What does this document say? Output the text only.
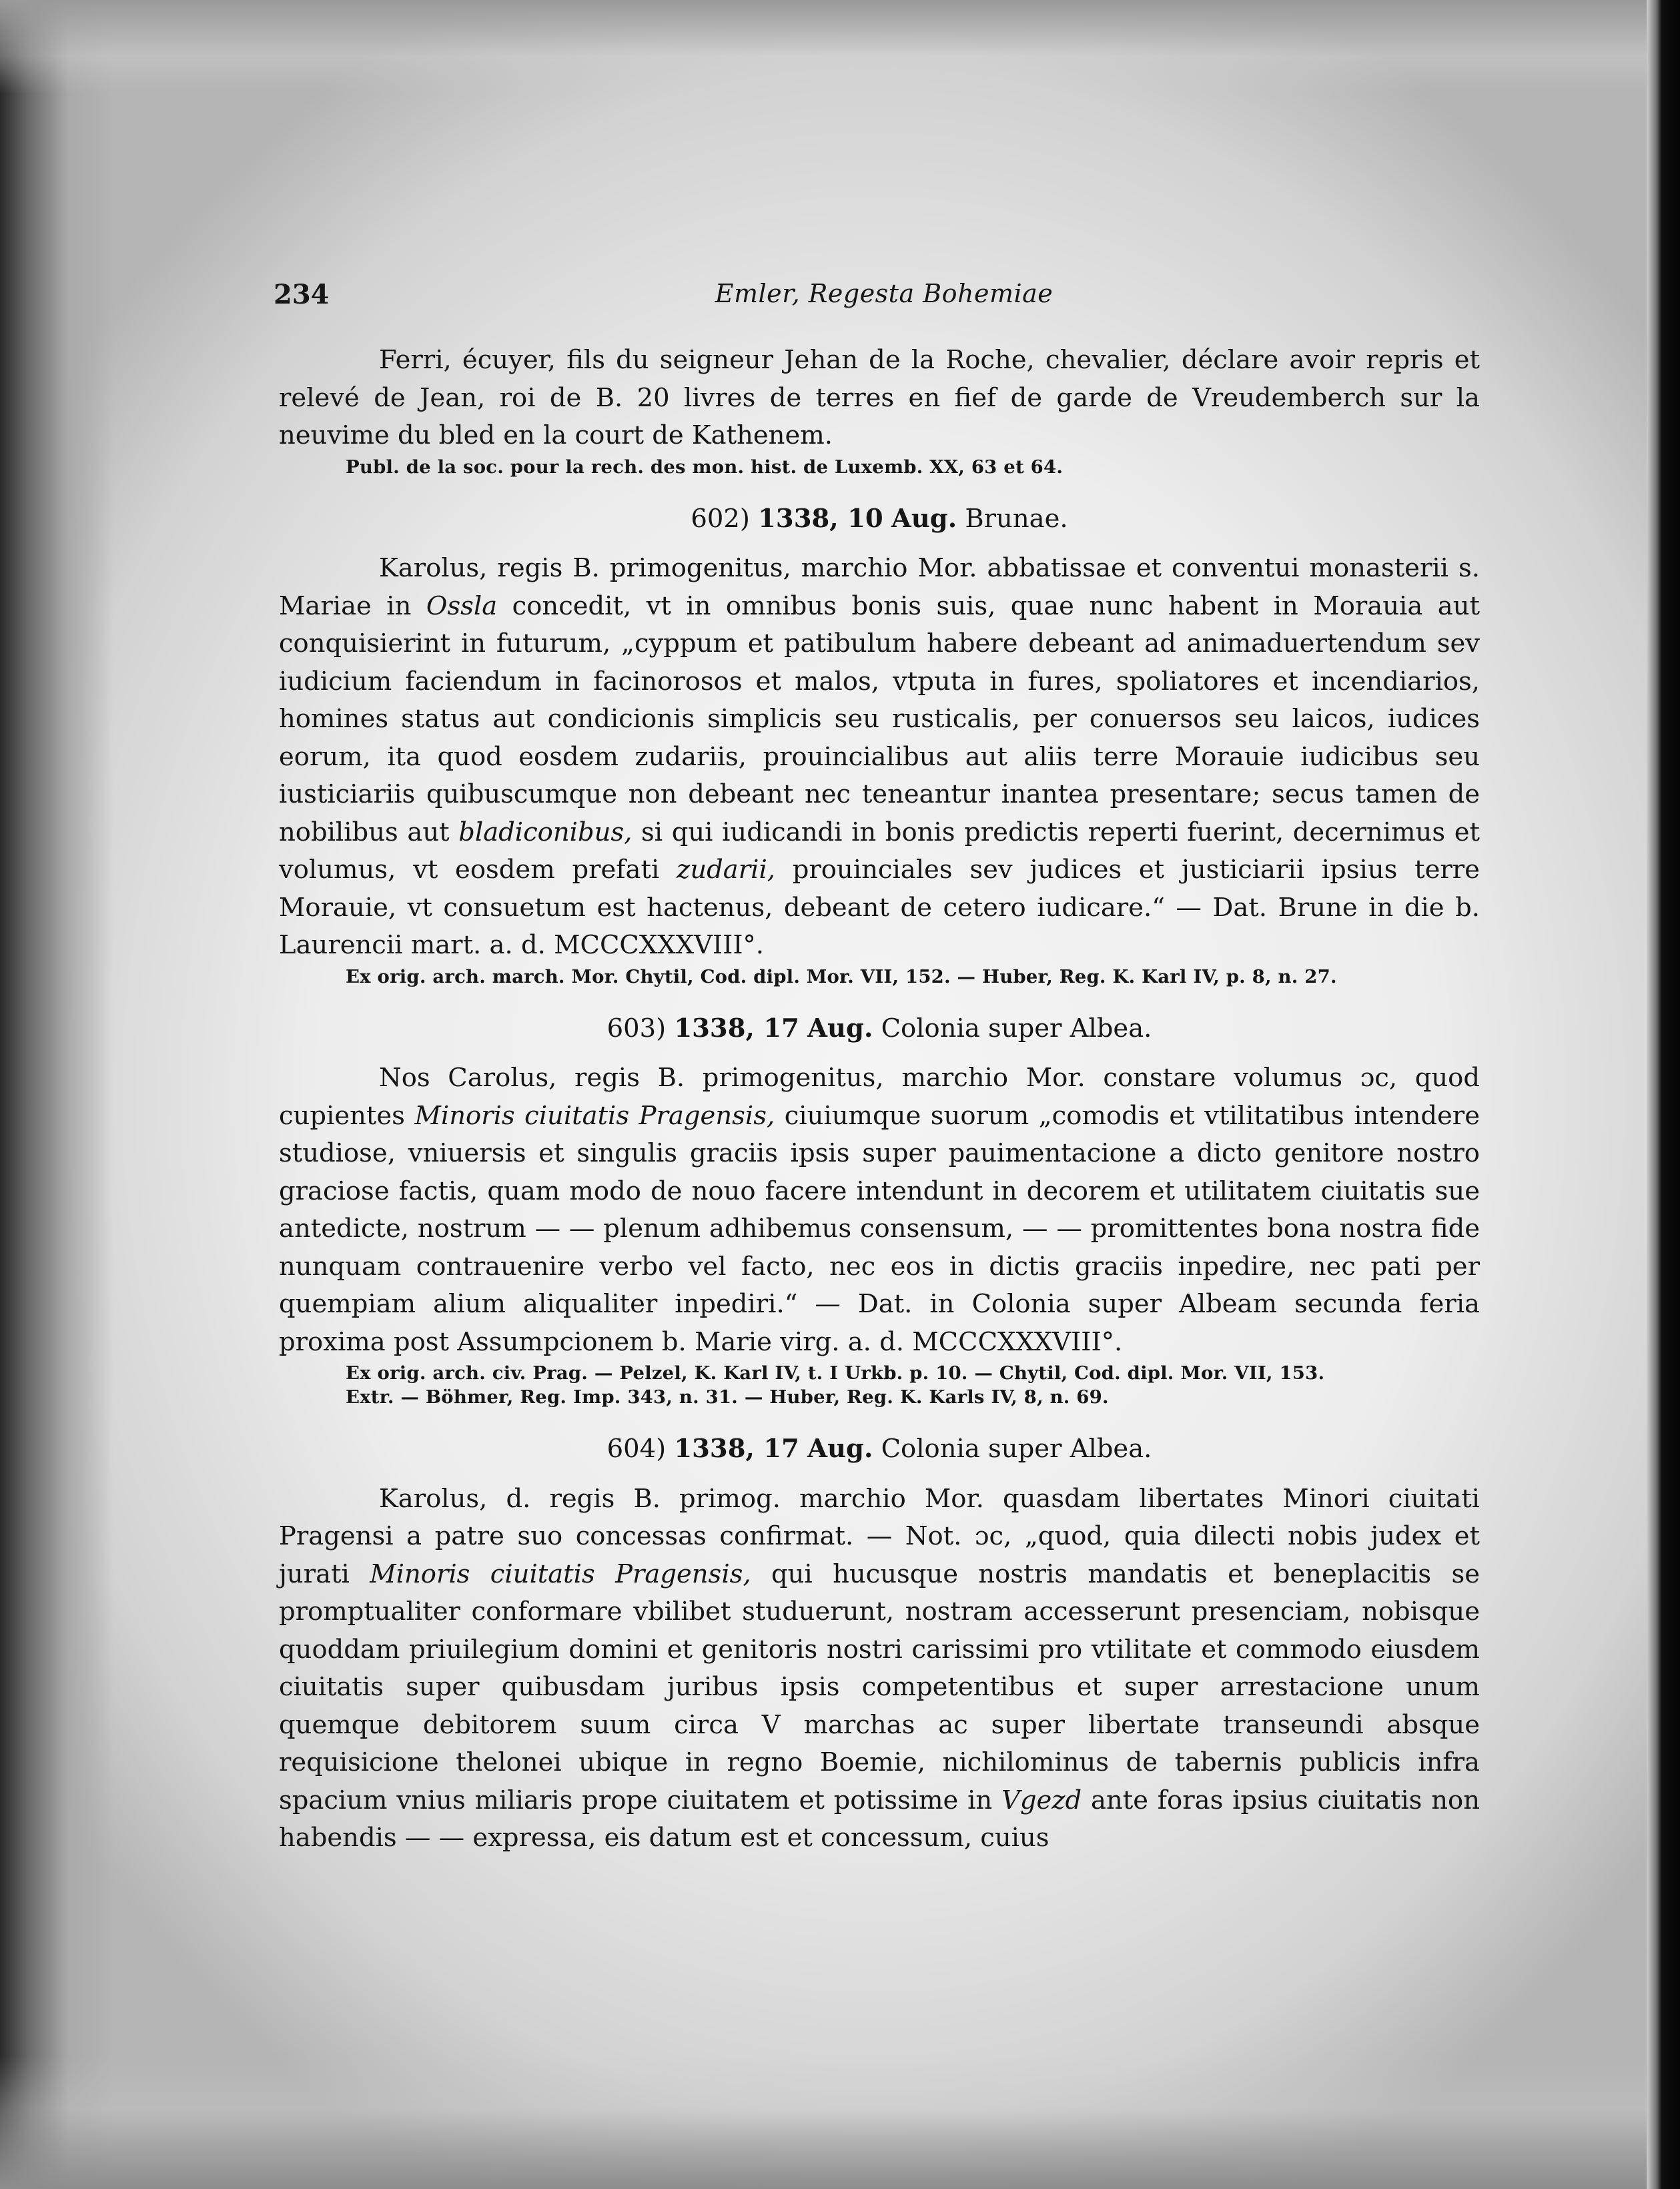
234	Emler, Regesta Bohemiae

Ferri, écuyer, fils du seigneur Jehan de la Roche, chevalier, déclare avoir repris et relevé de Jean, roi de B. 20 livres de terres en fief de garde de Vreudemberch sur la neuvime du bled en la court de Kathenem.

Publ. de la soc. pour la rech. des mon. hist. de Luxemb. XX, 63 et 64.

602) 1338, 10 Aug. Brunae.

Karolus, regis B. primogenitus, marchio Mor. abbatissae et conventui monasterii s. Mariae in Ossla concedit, vt in omnibus bonis suis, quae nunc habent in Morauia aut conquisierint in futurum, „cyppum et patibulum habere debeant ad animaduertendum sev iudicium faciendum in facinorosos et malos, vtputa in fures, spoliatores et incendiarios, homines status aut condicionis simplicis seu rusticalis, per conuersos seu laicos, iudices eorum, ita quod eosdem zudariis, prouincialibus aut aliis terre Morauie iudicibus seu iusticiariis quibuscumque non debeant nec teneantur inantea presentare; secus tamen de nobilibus aut bladiconibus, si qui iudicandi in bonis predictis reperti fuerint, decernimus et volumus, vt eosdem prefati zudarii, prouinciales sev judices et justiciarii ipsius terre Morauie, vt consuetum est hactenus, debeant de cetero iudicare.“ — Dat. Brune in die b. Laurencii mart. a. d. MCCCXXXVIII°.

Ex orig. arch. march. Mor. Chytil, Cod. dipl. Mor. VII, 152. — Huber, Reg. K. Karl IV, p. 8, n. 27.

603) 1338, 17 Aug. Colonia super Albea.

Nos Carolus, regis B. primogenitus, marchio Mor. constare volumus ɔc, quod cupientes Minoris ciuitatis Pragensis, ciuiumque suorum „comodis et vtilitatibus intendere studiose, vniuersis et singulis graciis ipsis super pauimentacione a dicto genitore nostro graciose factis, quam modo de nouo facere intendunt in decorem et utilitatem ciuitatis sue antedicte, nostrum — — plenum adhibemus consensum, — — promittentes bona nostra fide nunquam contrauenire verbo vel facto, nec eos in dictis graciis inpedire, nec pati per quempiam alium aliqualiter inpediri.“ — Dat. in Colonia super Albeam secunda feria proxima post Assumpcionem b. Marie virg. a. d. MCCCXXXVIII°.

Ex orig. arch. civ. Prag. — Pelzel, K. Karl IV, t. I Urkb. p. 10. — Chytil, Cod. dipl. Mor. VII, 153.

Extr. — Böhmer, Reg. Imp. 343, n. 31. — Huber, Reg. K. Karls IV, 8, n. 69.

604) 1338, 17 Aug. Colonia super Albea.

Karolus, d. regis B. primog. marchio Mor. quasdam libertates Minori ciuitati Pragensi a patre suo concessas confirmat. — Not. ɔc, „quod, quia dilecti nobis judex et jurati Minoris ciuitatis Pragensis, qui hucusque nostris mandatis et beneplacitis se promptualiter conformare vbilibet studuerunt, nostram accesserunt presenciam, nobisque quoddam priuilegium domini et genitoris nostri carissimi pro vtilitate et commodo eiusdem ciuitatis super quibusdam juribus ipsis competentibus et super arrestacione unum quemque debitorem suum circa V marchas ac super libertate transeundi absque requisicione thelonei ubique in regno Boemie, nichilominus de tabernis publicis infra spacium vnius miliaris prope ciuitatem et potissime in Vgezd ante foras ipsius ciuitatis non habendis — — expressa, eis datum est et concessum, cuius
